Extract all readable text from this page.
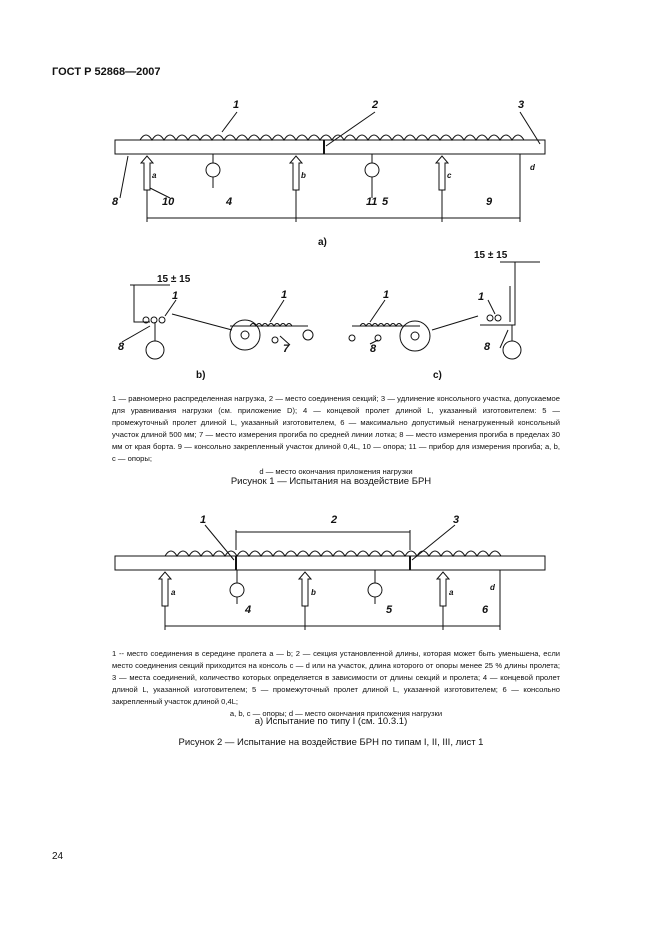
ГОСТ Р 52868—2007
1	2	3
a	b	c
d
8	10	4	11 5	9
a)
15 ± 15
1	1
8	7
b)
15 ± 15
1	1
8	8
c)
1	2	3
a	b	a
d
4	5	6
1 — равномерно распределенная нагрузка, 2 — место соединения секций; 3 — удлинение консольного участка, допускаемое для уравнивания нагрузки (см. приложение D); 4 — концевой пролет длиной L, указанный изготовителем: 5 — промежуточный пролет длиной L, указанный изготовителем, 6 — максимально допустимый ненагруженный консольный участок длиной 500 мм; 7 — место измерения прогиба по средней линии лотка; 8 — место измерения прогиба в пределах 30 мм от края борта. 9 — консольно закрепленный участок длиной 0,4L, 10 — опора; 11 — прибор для измерения прогиба; a, b, c — опоры;
d — место окончания приложения нагрузки
Рисунок 1 — Испытания на воздействие БРН
1 -- место соединения в середине пролета a — b; 2 — секция установленной длины, которая может быть уменьшена, если место соединения секций приходится на консоль c — d или на участок, длина которого от опоры менее 25 % длины пролета; 3 — места соединений, количество которых определяется в зависимости от длины секций и пролета; 4 — концевой пролет длиной L, указанной изготовителем; 5 — промежуточный пролет длиной L, указанной изготовителем; 6 — консольно закрепленный участок длиной 0,4L;
a, b, c — опоры; d — место окончания приложения нагрузки
а) Испытание по типу I (см. 10.3.1)
Рисунок 2 — Испытание на воздействие БРН по типам I, II, III, лист 1
24
